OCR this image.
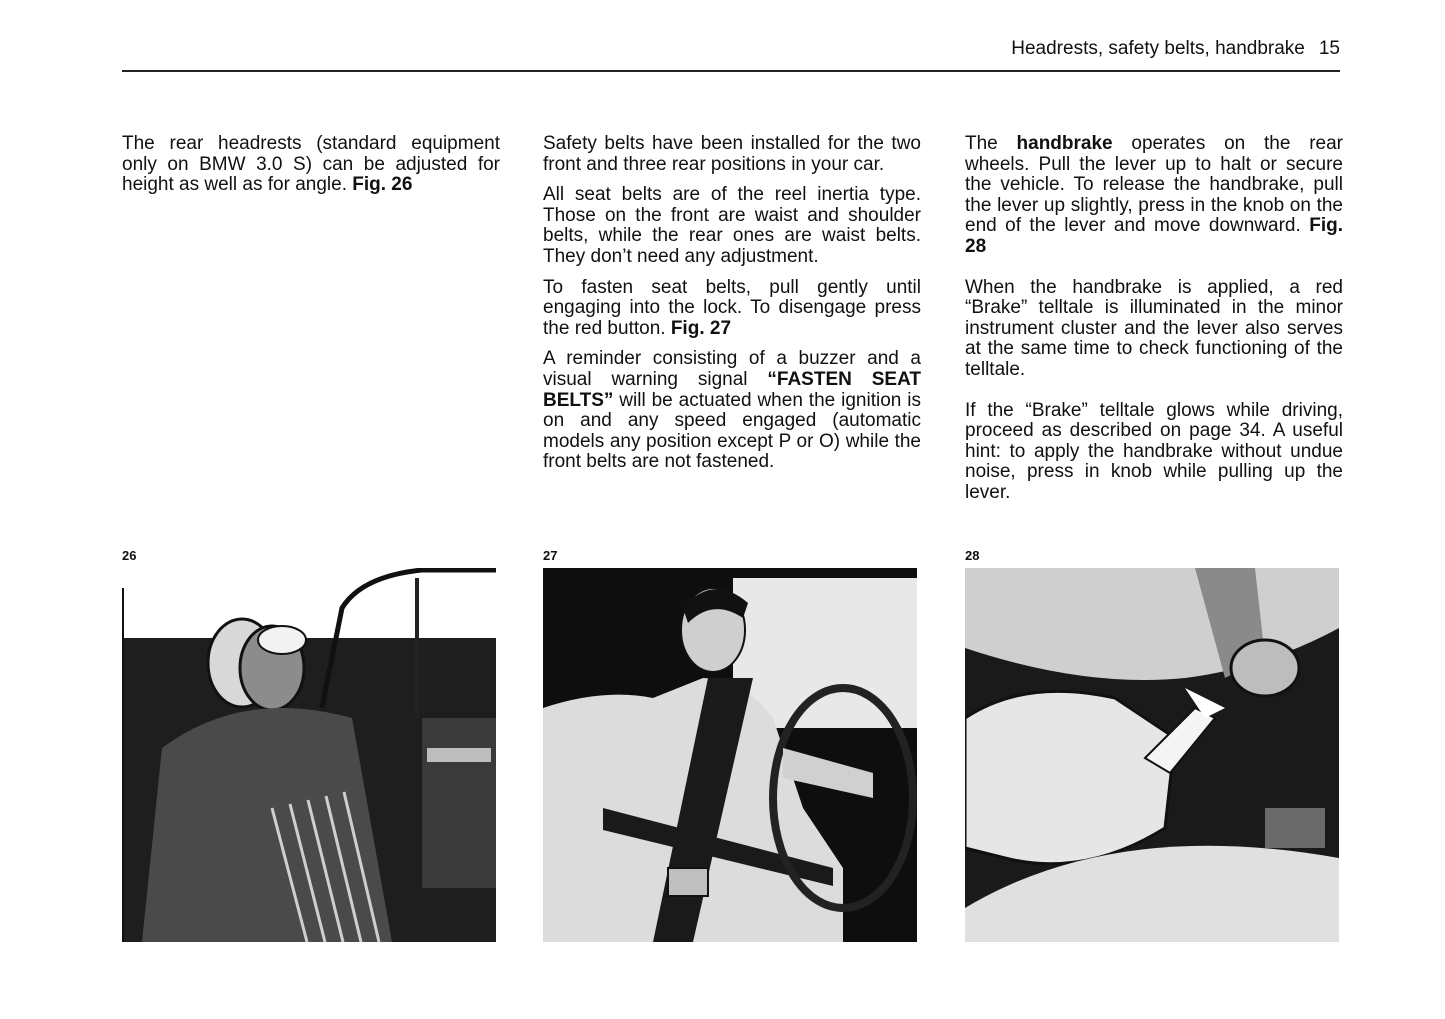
Headrests, safety belts, handbrake 15

The rear headrests (standard equipment only on BMW 3.0 S) can be adjusted for height as well as for angle. Fig. 26

Safety belts have been installed for the two front and three rear positions in your car.

All seat belts are of the reel inertia type. Those on the front are waist and shoulder belts, while the rear ones are waist belts. They don’t need any adjustment.

To fasten seat belts, pull gently until engaging into the lock. To disengage press the red button. Fig. 27

A reminder consisting of a buzzer and a visual warning signal “FASTEN SEAT BELTS” will be actuated when the ignition is on and any speed engaged (automatic models any position except P or O) while the front belts are not fastened.

The handbrake operates on the rear wheels. Pull the lever up to halt or secure the vehicle. To release the handbrake, pull the lever up slightly, press in the knob on the end of the lever and move downward. Fig. 28

When the handbrake is applied, a red “Brake” telltale is illuminated in the minor instrument cluster and the lever also serves at the same time to check functioning of the telltale.

If the “Brake” telltale glows while driving, proceed as described on page 34. A useful hint: to apply the handbrake without undue noise, press in knob while pulling up the lever.

26	27	28
